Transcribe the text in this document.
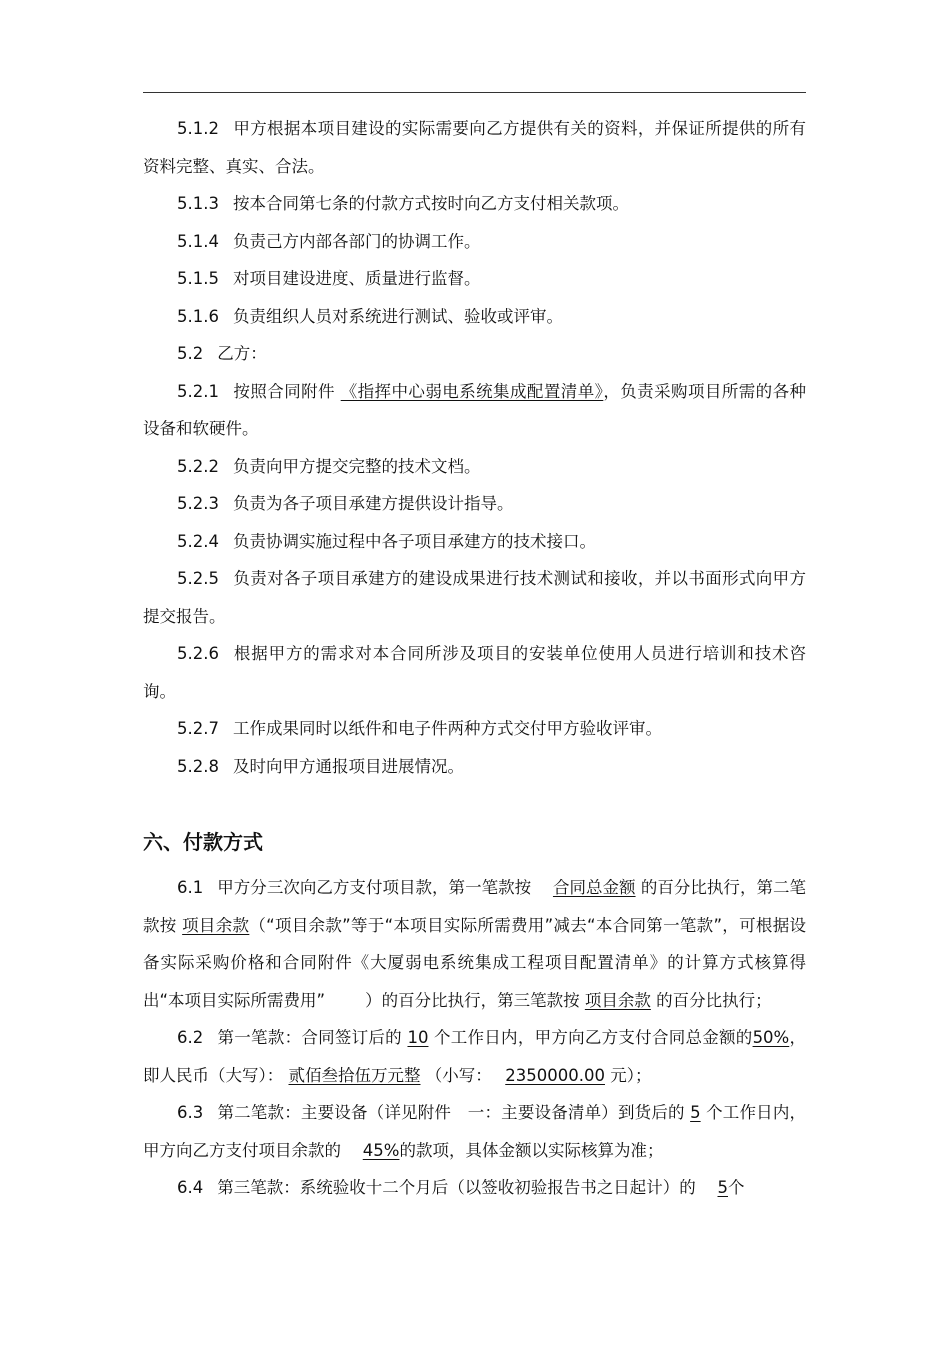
5.1.2 甲方根据本项目建设的实际需要向乙方提供有关的资料，并保证所提供的所有资料完整、真实、合法。

5.1.3 按本合同第七条的付款方式按时向乙方支付相关款项。

5.1.4 负责己方内部各部门的协调工作。

5.1.5 对项目建设进度、质量进行监督。

5.1.6 负责组织人员对系统进行测试、验收或评审。

5.2 乙方：

5.2.1 按照合同附件 《指挥中心弱电系统集成配置清单》，负责采购项目所需的各种设备和软硬件。

5.2.2 负责向甲方提交完整的技术文档。

5.2.3 负责为各子项目承建方提供设计指导。

5.2.4 负责协调实施过程中各子项目承建方的技术接口。

5.2.5 负责对各子项目承建方的建设成果进行技术测试和接收，并以书面形式向甲方提交报告。

5.2.6 根据甲方的需求对本合同所涉及项目的安装单位使用人员进行培训和技术咨询。

5.2.7 工作成果同时以纸件和电子件两种方式交付甲方验收评审。

5.2.8 及时向甲方通报项目进展情况。

六、付款方式

6.1 甲方分三次向乙方支付项目款，第一笔款按　 合同总金额 的百分比执行，第二笔款按 项目余款（“项目余款”等于“本项目实际所需费用”减去“本合同第一笔款”，可根据设备实际采购价格和合同附件《大厦弱电系统集成工程项目配置清单》的计算方式核算得出“本项目实际所需费用” ）的百分比执行，第三笔款按 项目余款 的百分比执行；

6.2 第一笔款：合同签订后的 10 个工作日内，甲方向乙方支付合同总金额的50%，即人民币（大写）： 贰佰叁拾伍万元整 （小写：　 2350000.00 元）；

6.3 第二笔款：主要设备（详见附件　一：主要设备清单）到货后的 5 个工作日内，甲方向乙方支付项目余款的　 45%的款项，具体金额以实际核算为准；

6.4 第三笔款：系统验收十二个月后（以签收初验报告书之日起计）的　 5个
